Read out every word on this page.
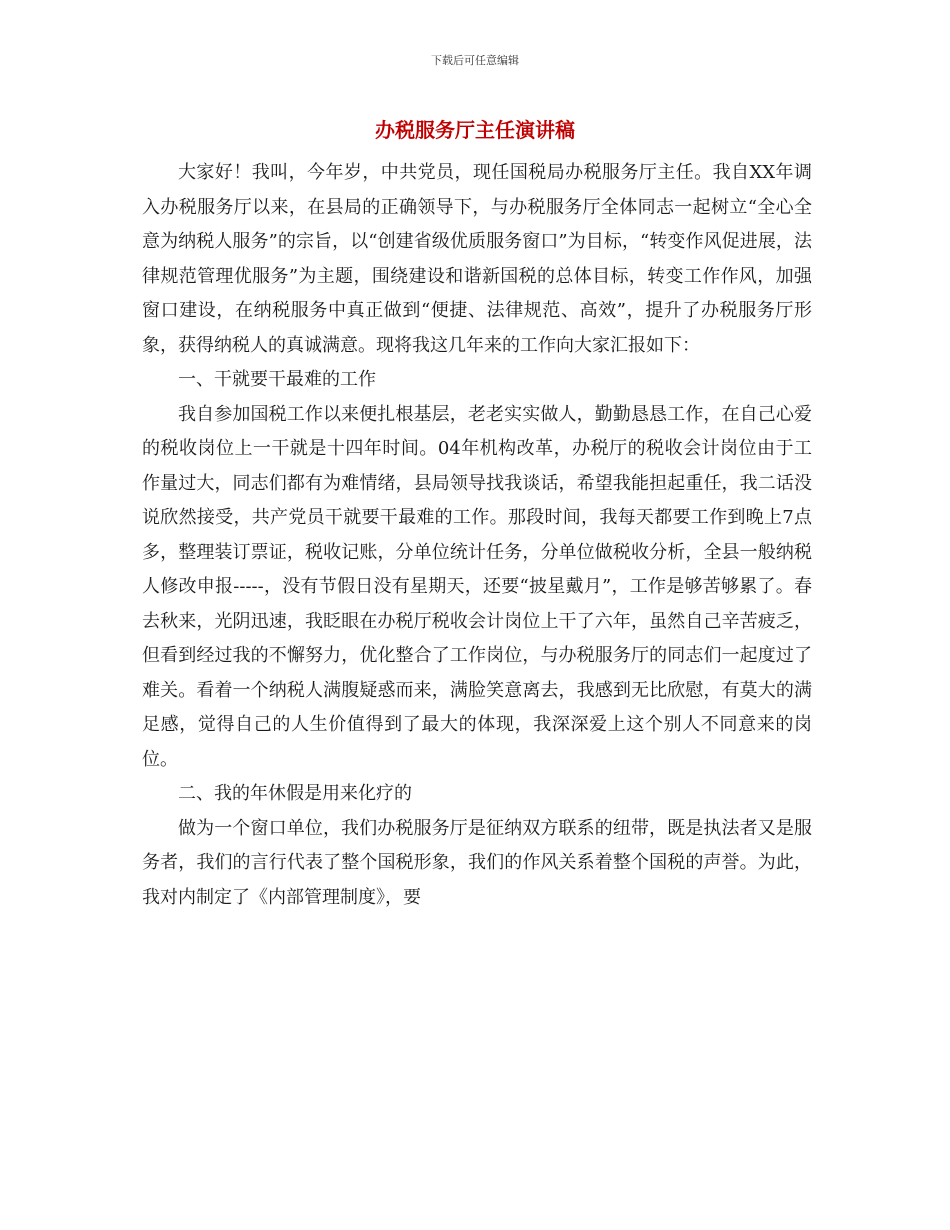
下载后可任意编辑
办税服务厅主任演讲稿

大家好！我叫，今年岁，中共党员，现任国税局办税服务厅主任。我自XX年调入办税服务厅以来，在县局的正确领导下，与办税服务厅全体同志一起树立“全心全意为纳税人服务”的宗旨，以“创建省级优质服务窗口”为目标，“转变作风促进展，法律规范管理优服务”为主题，围绕建设和谐新国税的总体目标，转变工作作风，加强窗口建设，在纳税服务中真正做到“便捷、法律规范、高效”，提升了办税服务厅形象，获得纳税人的真诚满意。现将我这几年来的工作向大家汇报如下：

一、干就要干最难的工作

我自参加国税工作以来便扎根基层，老老实实做人，勤勤恳恳工作，在自己心爱的税收岗位上一干就是十四年时间。04年机构改革，办税厅的税收会计岗位由于工作量过大，同志们都有为难情绪，县局领导找我谈话，希望我能担起重任，我二话没说欣然接受，共产党员干就要干最难的工作。那段时间，我每天都要工作到晚上7点多，整理装订票证，税收记账，分单位统计任务，分单位做税收分析，全县一般纳税人修改申报-----，没有节假日没有星期天，还要“披星戴月”，工作是够苦够累了。春去秋来，光阴迅速，我眨眼在办税厅税收会计岗位上干了六年，虽然自己辛苦疲乏，但看到经过我的不懈努力，优化整合了工作岗位，与办税服务厅的同志们一起度过了难关。看着一个纳税人满腹疑惑而来，满脸笑意离去，我感到无比欣慰，有莫大的满足感，觉得自己的人生价值得到了最大的体现，我深深爱上这个别人不同意来的岗位。

二、我的年休假是用来化疗的

做为一个窗口单位，我们办税服务厅是征纳双方联系的纽带，既是执法者又是服务者，我们的言行代表了整个国税形象，我们的作风关系着整个国税的声誉。为此，我对内制定了《内部管理制度》，要
